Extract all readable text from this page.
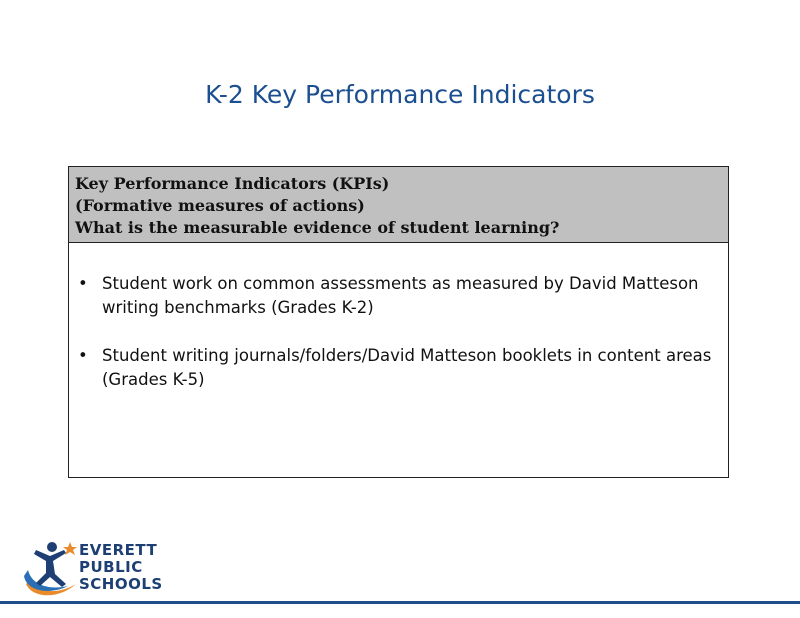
K-2 Key Performance Indicators
Key Performance Indicators (KPIs)
(Formative measures of actions)
What is the measurable evidence of student learning?
• Student work on common assessments as measured by David Matteson writing benchmarks (Grades K-2)
• Student writing journals/folders/David Matteson booklets in content areas (Grades K-5)
EVERETT
PUBLIC
SCHOOLS
